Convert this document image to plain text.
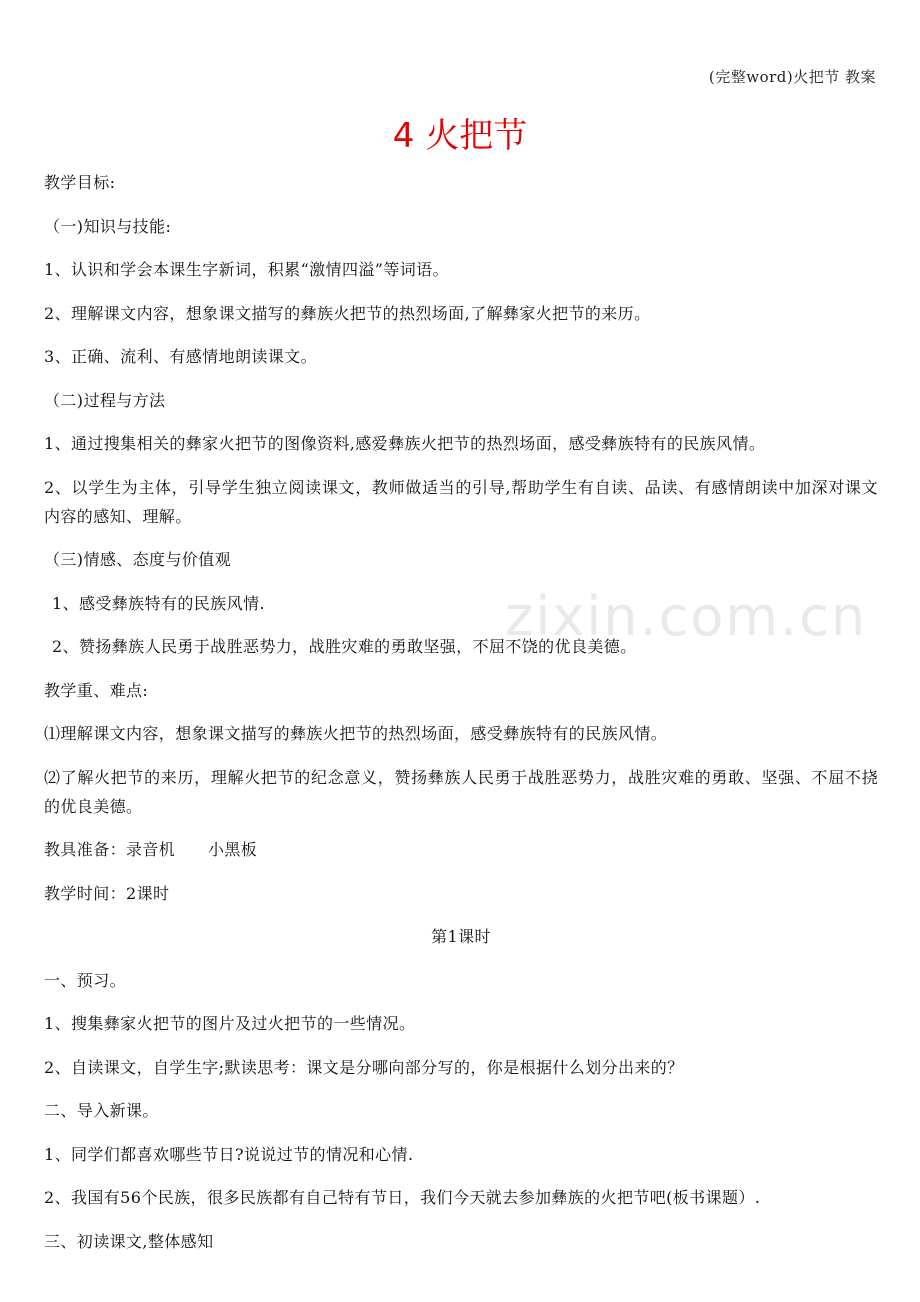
(完整word)火把节 教案
4 火把节
zixin.com.cn

教学目标:

（一)知识与技能:

1、认识和学会本课生字新词，积累“激情四溢”等词语。

2、理解课文内容，想象课文描写的彝族火把节的热烈场面,了解彝家火把节的来历。

3、正确、流利、有感情地朗读课文。

（二)过程与方法

1、通过搜集相关的彝家火把节的图像资料,感爱彝族火把节的热烈场面，感受彝族特有的民族风情。

2、以学生为主体，引导学生独立阅读课文，教师做适当的引导,帮助学生有自读、品读、有感情朗读中加深对课文内容的感知、理解。

（三)情感、态度与价值观

1、感受彝族特有的民族风情.

2、赞扬彝族人民勇于战胜恶势力，战胜灾难的勇敢坚强，不屈不饶的优良美德。

教学重、难点:

⑴理解课文内容，想象课文描写的彝族火把节的热烈场面，感受彝族特有的民族风情。

⑵了解火把节的来历，理解火把节的纪念意义，赞扬彝族人民勇于战胜恶势力，战胜灾难的勇敢、坚强、不屈不挠的优良美德。

教具准备：录音机　　小黑板

教学时间：2课时

第1课时

一、预习。

1、搜集彝家火把节的图片及过火把节的一些情况。

2、自读课文，自学生字;默读思考：课文是分哪向部分写的，你是根据什么划分出来的？

二、导入新课。

1、同学们都喜欢哪些节日?说说过节的情况和心情.

2、我国有56个民族，很多民族都有自己特有节日，我们今天就去参加彝族的火把节吧(板书课题）.

三、初读课文,整体感知
